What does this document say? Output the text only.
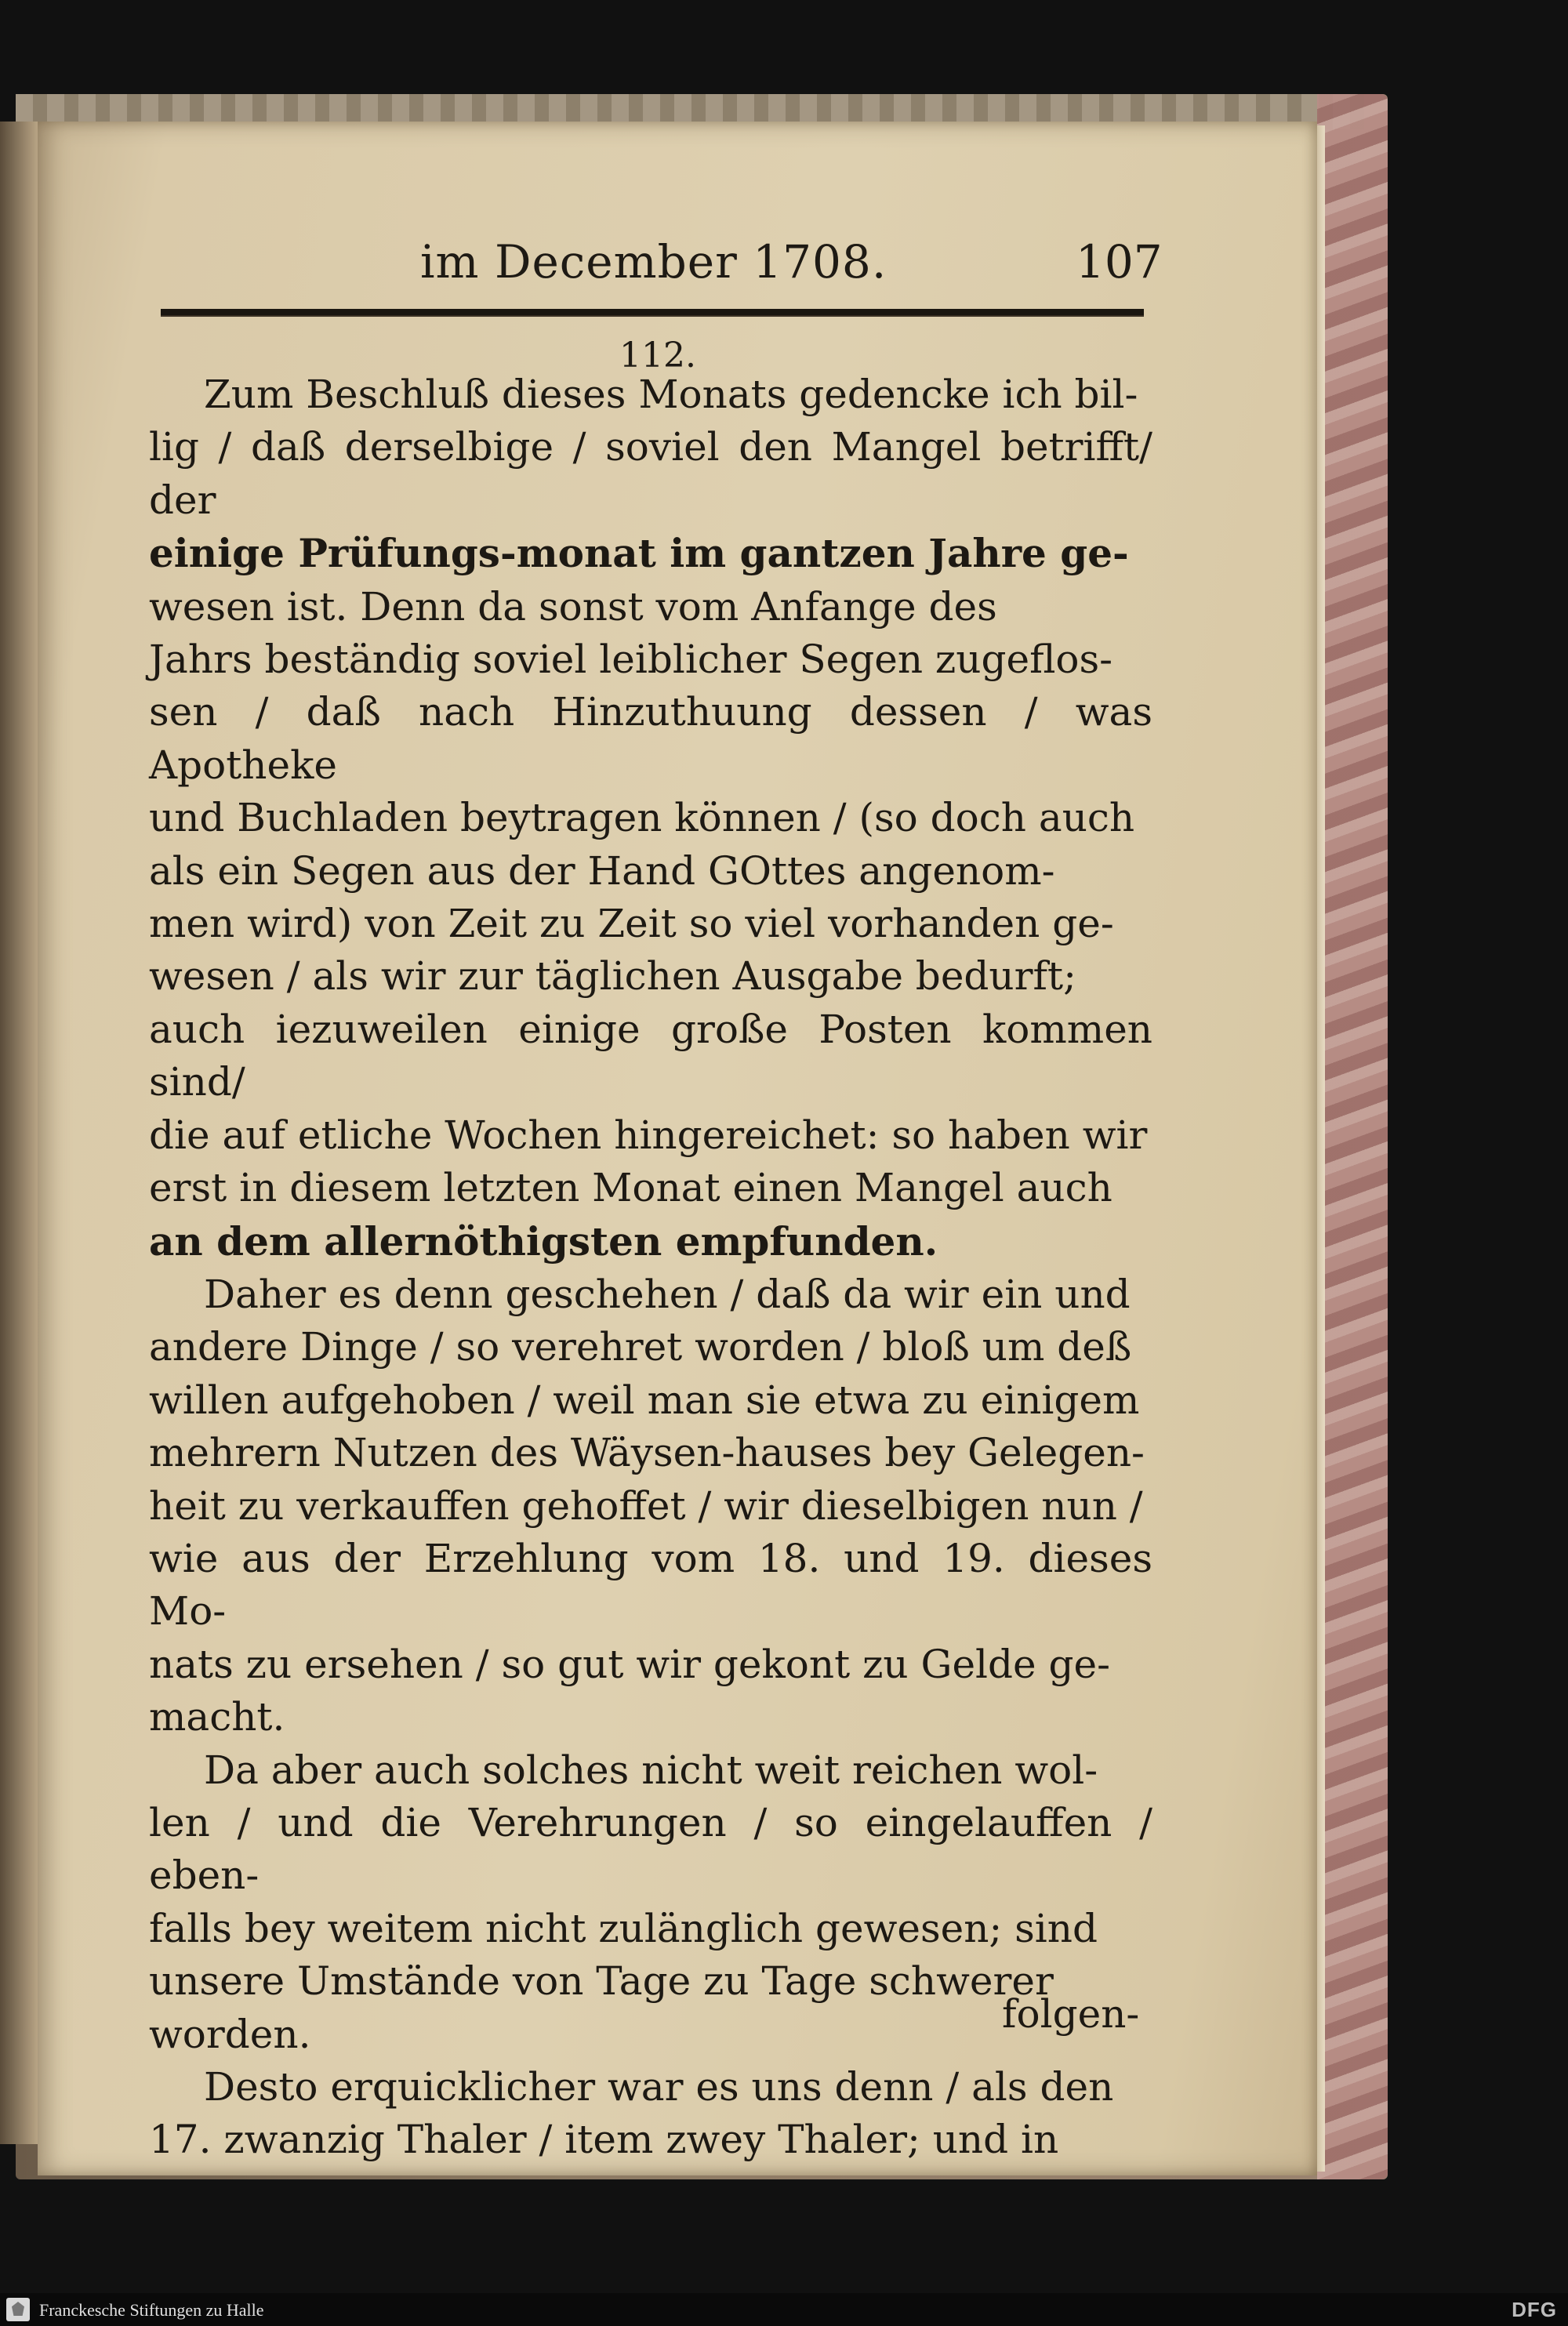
im December 1708.	107
112.

Zum Beschluß dieses Monats gedencke ich bil-
lig / daß derselbige / soviel den Mangel betrifft/ der
einige Prüfungs-monat im gantzen Jahre ge-
wesen ist. Denn da sonst vom Anfange des
Jahrs beständig soviel leiblicher Segen zugeflos-
sen / daß nach Hinzuthuung dessen / was Apotheke
und Buchladen beytragen können / (so doch auch
als ein Segen aus der Hand GOttes angenom-
men wird) von Zeit zu Zeit so viel vorhanden ge-
wesen / als wir zur täglichen Ausgabe bedurft;
auch iezuweilen einige große Posten kommen sind/
die auf etliche Wochen hingereichet: so haben wir
erst in diesem letzten Monat einen Mangel auch
an dem allernöthigsten empfunden.

Daher es denn geschehen / daß da wir ein und
andere Dinge / so verehret worden / bloß um deß
willen aufgehoben / weil man sie etwa zu einigem
mehrern Nutzen des Wäysen-hauses bey Gelegen-
heit zu verkauffen gehoffet / wir dieselbigen nun /
wie aus der Erzehlung vom 18. und 19. dieses Mo-
nats zu ersehen / so gut wir gekont zu Gelde ge-
macht.

Da aber auch solches nicht weit reichen wol-
len / und die Verehrungen / so eingelauffen / eben-
falls bey weitem nicht zulänglich gewesen; sind
unsere Umstände von Tage zu Tage schwerer
worden.

Desto erquicklicher war es uns denn / als den
17. zwanzig Thaler / item zwey Thaler; und in

folgen-
Franckesche Stiftungen zu Halle	DFG
